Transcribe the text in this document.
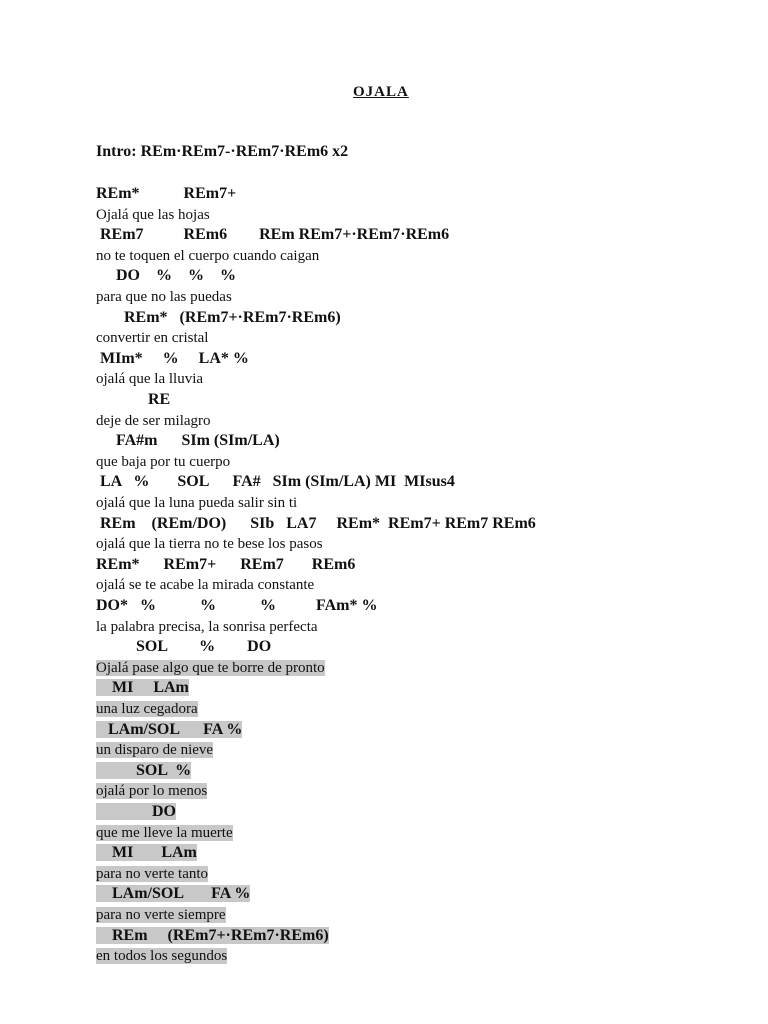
OJALA
Intro: REm·REm7-·REm7·REm6 x2
REm*           REm7+
Ojalá que las hojas
REm7          REm6        REm REm7+·REm7·REm6
no te toquen el cuerpo cuando caigan
DO    %    %    %
para que no las puedas
REm*   (REm7+·REm7·REm6)
convertir en cristal
MIm*     %     LA* %
ojalá que la lluvia
RE
deje de ser milagro
FA#m      SIm (SIm/LA)
que baja por tu cuerpo
LA   %       SOL      FA#   SIm (SIm/LA) MI  MIsus4
ojalá que la luna pueda salir sin ti
REm    (REm/DO)      SIb   LA7     REm*  REm7+ REm7 REm6
ojalá que la tierra no te bese los pasos
REm*      REm7+      REm7       REm6
ojalá se te acabe la mirada constante
DO*   %           %           %          FAm* %
la palabra precisa, la sonrisa perfecta
SOL        %        DO
Ojalá pase algo que te borre de pronto
MI     LAm
una luz cegadora
LAm/SOL      FA %
un disparo de nieve
SOL  %
ojalá por lo menos
DO
que me lleve la muerte
MI       LAm
para no verte tanto
LAm/SOL       FA %
para no verte siempre
REm     (REm7+·REm7·REm6)
en todos los segundos
